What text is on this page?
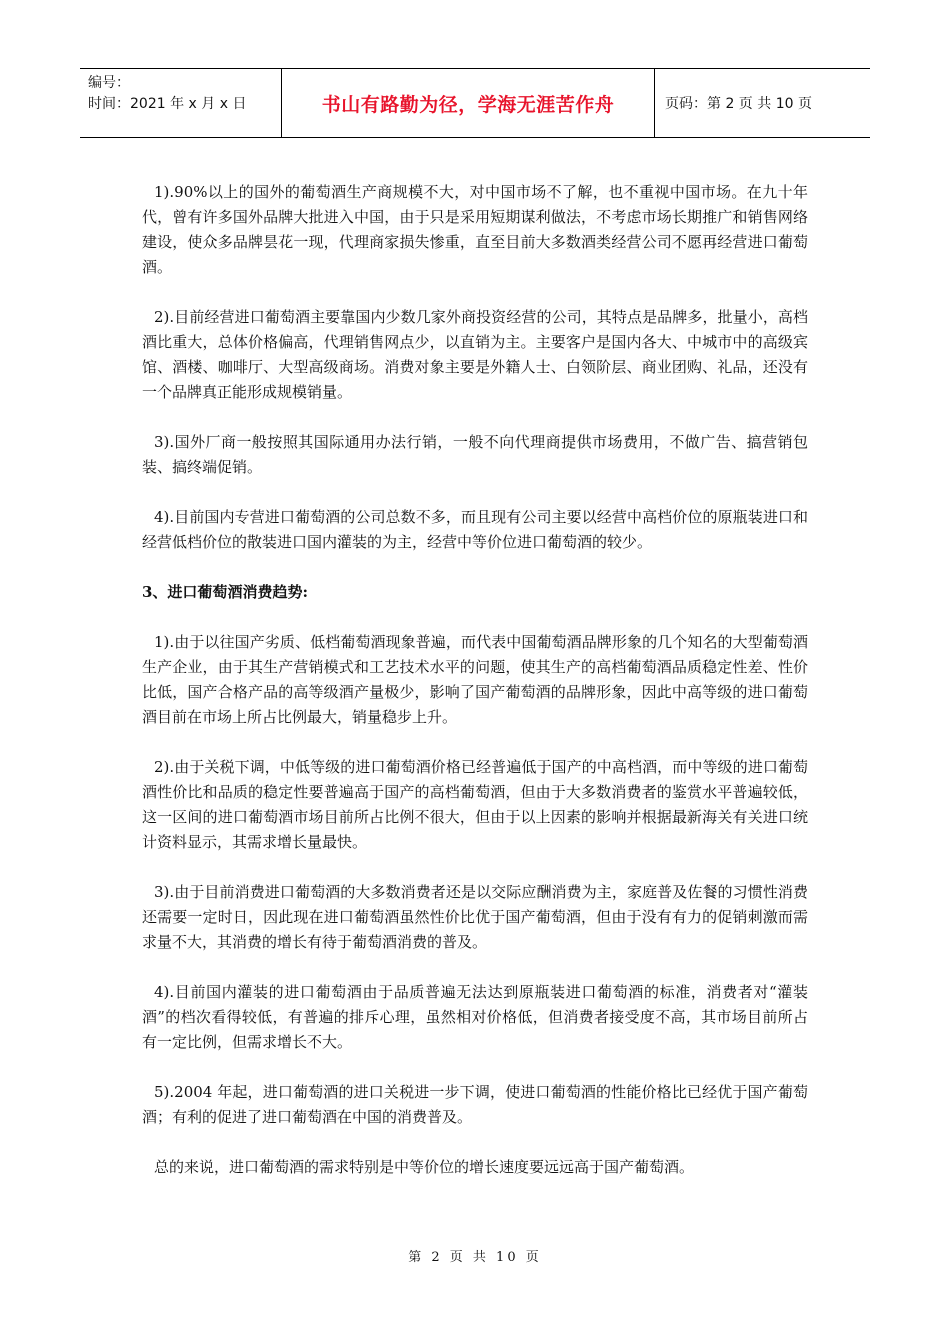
编号：
时间：2021 年 x 月 x 日	书山有路勤为径，学海无涯苦作舟	页码：第 2 页 共 10 页

1).90%以上的国外的葡萄酒生产商规模不大，对中国市场不了解，也不重视中国市场。在九十年代，曾有许多国外品牌大批进入中国，由于只是采用短期谋利做法，不考虑市场长期推广和销售网络建设，使众多品牌昙花一现，代理商家损失惨重，直至目前大多数酒类经营公司不愿再经营进口葡萄酒。

2).目前经营进口葡萄酒主要靠国内少数几家外商投资经营的公司，其特点是品牌多，批量小，高档酒比重大，总体价格偏高，代理销售网点少，以直销为主。主要客户是国内各大、中城市中的高级宾馆、酒楼、咖啡厅、大型高级商场。消费对象主要是外籍人士、白领阶层、商业团购、礼品，还没有一个品牌真正能形成规模销量。

3).国外厂商一般按照其国际通用办法行销，一般不向代理商提供市场费用，不做广告、搞营销包装、搞终端促销。

4).目前国内专营进口葡萄酒的公司总数不多，而且现有公司主要以经营中高档价位的原瓶装进口和经营低档价位的散装进口国内灌装的为主，经营中等价位进口葡萄酒的较少。

3、进口葡萄酒消费趋势:

1).由于以往国产劣质、低档葡萄酒现象普遍，而代表中国葡萄酒品牌形象的几个知名的大型葡萄酒生产企业，由于其生产营销模式和工艺技术水平的问题，使其生产的高档葡萄酒品质稳定性差、性价比低，国产合格产品的高等级酒产量极少，影响了国产葡萄酒的品牌形象，因此中高等级的进口葡萄酒目前在市场上所占比例最大，销量稳步上升。

2).由于关税下调，中低等级的进口葡萄酒价格已经普遍低于国产的中高档酒，而中等级的进口葡萄酒性价比和品质的稳定性要普遍高于国产的高档葡萄酒，但由于大多数消费者的鉴赏水平普遍较低，这一区间的进口葡萄酒市场目前所占比例不很大，但由于以上因素的影响并根据最新海关有关进口统计资料显示，其需求增长量最快。

3).由于目前消费进口葡萄酒的大多数消费者还是以交际应酬消费为主，家庭普及佐餐的习惯性消费还需要一定时日，因此现在进口葡萄酒虽然性价比优于国产葡萄酒，但由于没有有力的促销刺激而需求量不大，其消费的增长有待于葡萄酒消费的普及。

4).目前国内灌装的进口葡萄酒由于品质普遍无法达到原瓶装进口葡萄酒的标准，消费者对“灌装酒”的档次看得较低，有普遍的排斥心理，虽然相对价格低，但消费者接受度不高，其市场目前所占有一定比例，但需求增长不大。

5).2004 年起，进口葡萄酒的进口关税进一步下调，使进口葡萄酒的性能价格比已经优于国产葡萄酒；有利的促进了进口葡萄酒在中国的消费普及。

总的来说，进口葡萄酒的需求特别是中等价位的增长速度要远远高于国产葡萄酒。

第 2 页 共 10 页
